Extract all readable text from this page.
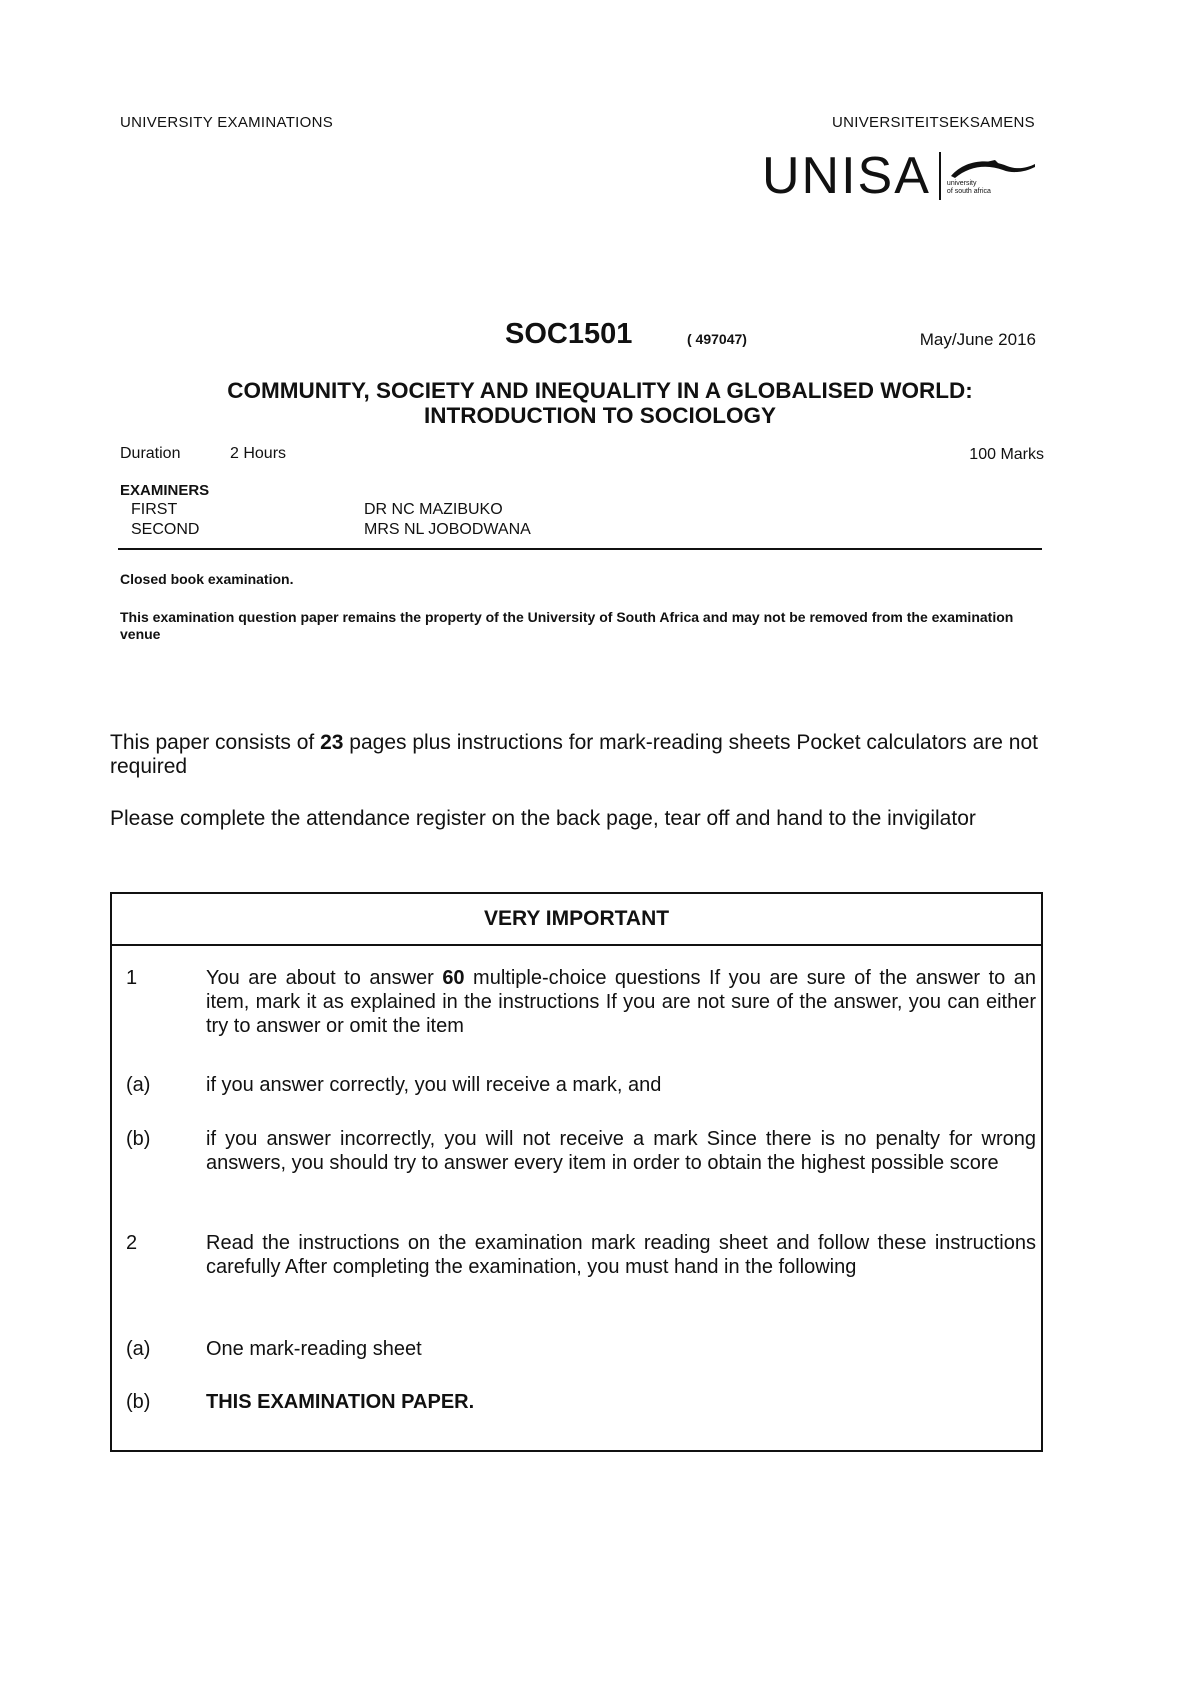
UNIVERSITY EXAMINATIONS	UNIVERSITEITSEKSAMENS
UNISA university
of south africa
SOC1501	( 497047)	May/June 2016
COMMUNITY, SOCIETY AND INEQUALITY IN A GLOBALISED WORLD:
INTRODUCTION TO SOCIOLOGY
Duration	2 Hours	100 Marks
EXAMINERS
FIRST	DR NC MAZIBUKO
SECOND	MRS NL JOBODWANA
Closed book examination.
This examination question paper remains the property of the University of South Africa and may not be removed from the examination venue
This paper consists of 23 pages plus instructions for mark-reading sheets Pocket calculators are not required
Please complete the attendance register on the back page, tear off and hand to the invigilator
VERY IMPORTANT
1	You are about to answer 60 multiple-choice questions If you are sure of the answer to an item, mark it as explained in the instructions If you are not sure of the answer, you can either try to answer or omit the item
(a)	if you answer correctly, you will receive a mark, and
(b)	if you answer incorrectly, you will not receive a mark Since there is no penalty for wrong answers, you should try to answer every item in order to obtain the highest possible score
2	Read the instructions on the examination mark reading sheet and follow these instructions carefully After completing the examination, you must hand in the following
(a)	One mark-reading sheet
(b)	THIS EXAMINATION PAPER.
